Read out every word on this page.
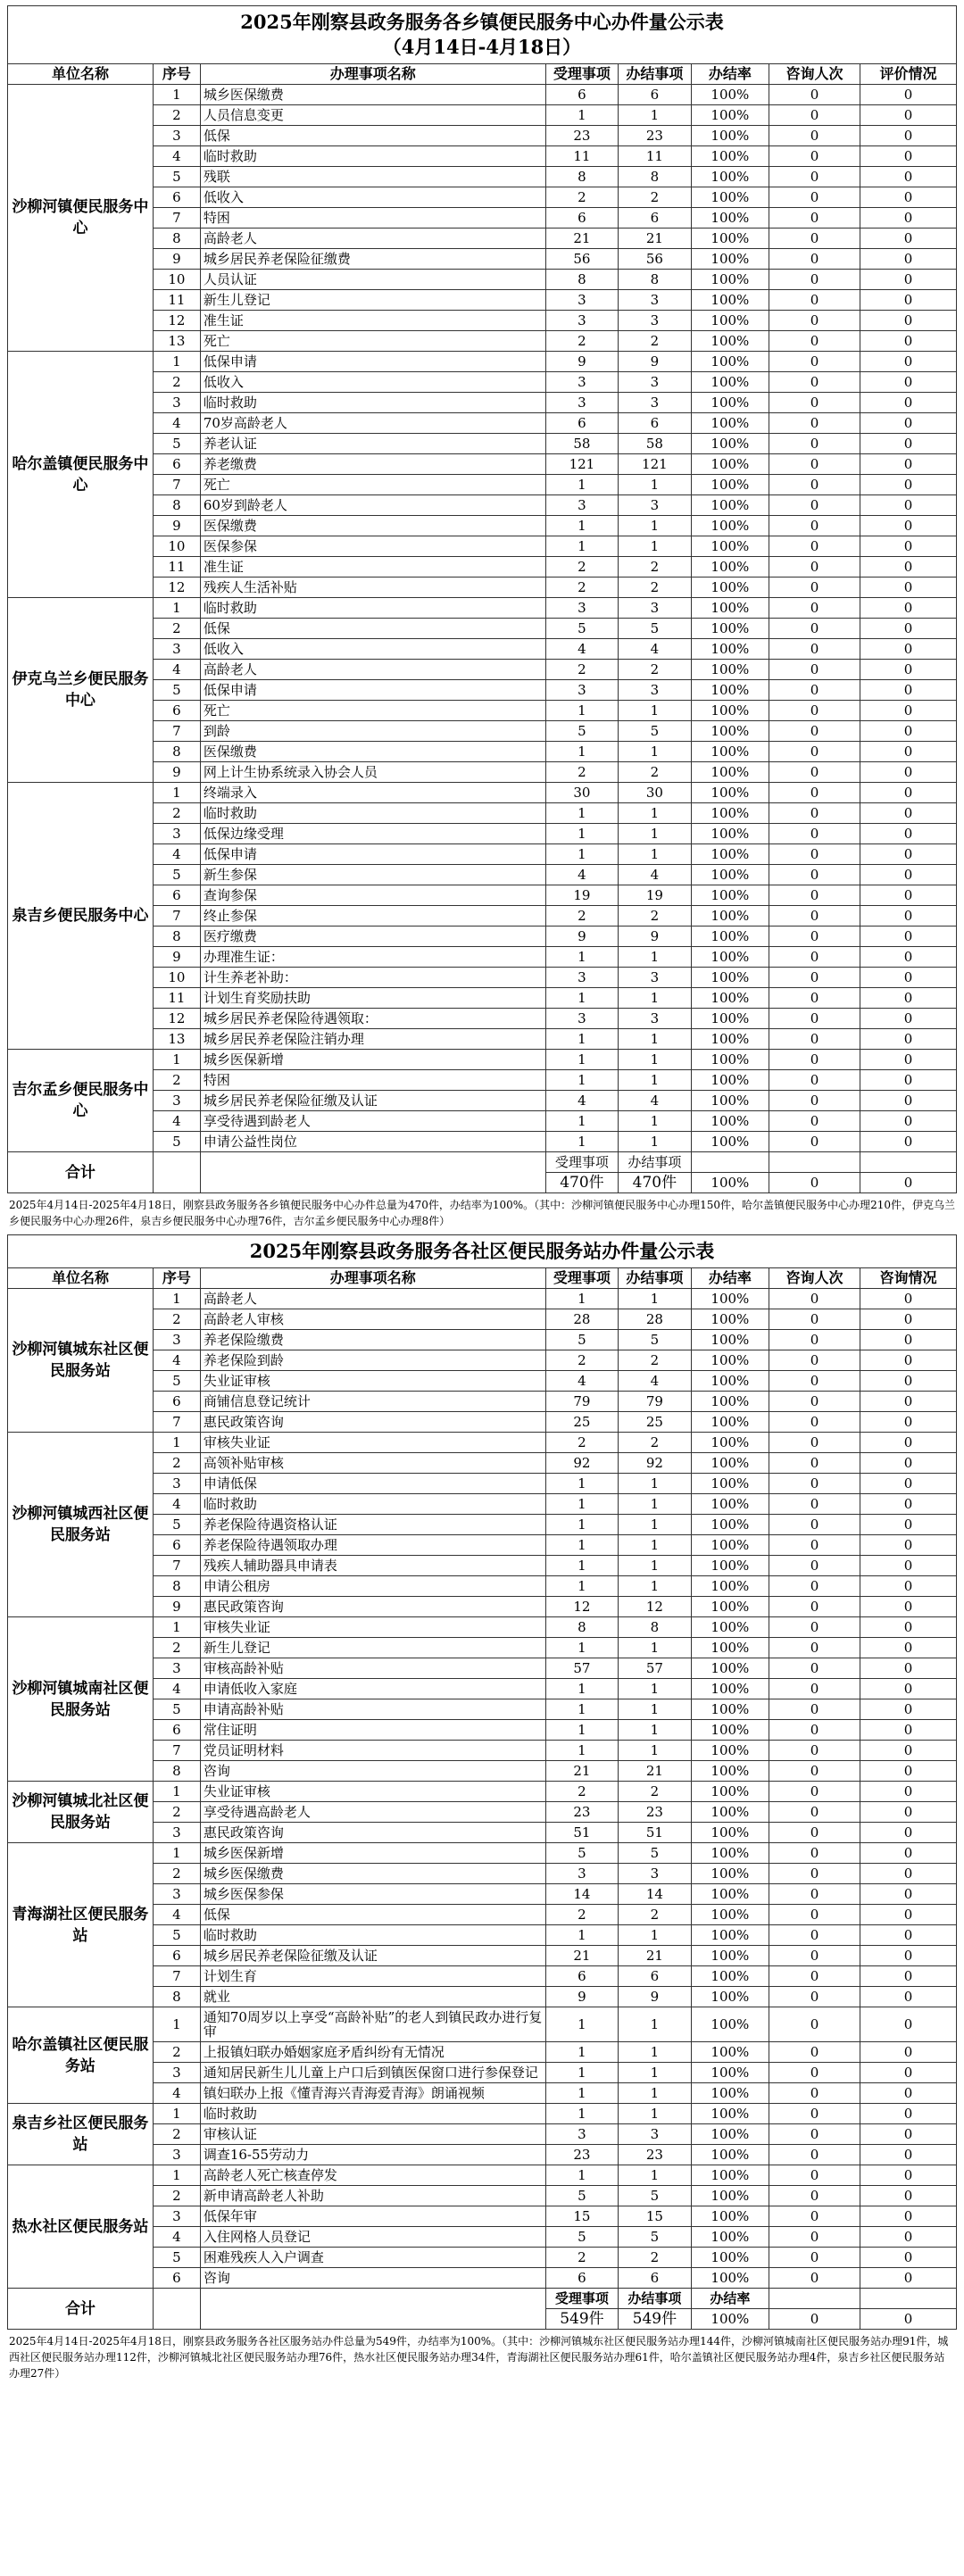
2025年刚察县政务服务各乡镇便民服务中心办件量公示表
（4月14日-4月18日）							

单位名称	序号	办理事项名称	受理事项	办结事项	办结率	咨询人次	评价情况
沙柳河镇便民服务中心	1	城乡医保缴费	6	6	100%	0	0
	2	人员信息变更	1	1	100%	0	0
	3	低保	23	23	100%	0	0
	4	临时救助	11	11	100%	0	0
	5	残联	8	8	100%	0	0
	6	低收入	2	2	100%	0	0
	7	特困	6	6	100%	0	0
	8	高龄老人	21	21	100%	0	0
	9	城乡居民养老保险征缴费	56	56	100%	0	0
	10	人员认证	8	8	100%	0	0
	11	新生儿登记	3	3	100%	0	0
	12	准生证	3	3	100%	0	0
	13	死亡	2	2	100%	0	0
哈尔盖镇便民服务中心	1	低保申请	9	9	100%	0	0
	2	低收入	3	3	100%	0	0
	3	临时救助	3	3	100%	0	0
	4	70岁高龄老人	6	6	100%	0	0
	5	养老认证	58	58	100%	0	0
	6	养老缴费	121	121	100%	0	0
	7	死亡	1	1	100%	0	0
	8	60岁到龄老人	3	3	100%	0	0
	9	医保缴费	1	1	100%	0	0
	10	医保参保	1	1	100%	0	0
	11	准生证	2	2	100%	0	0
	12	残疾人生活补贴	2	2	100%	0	0
伊克乌兰乡便民服务中心	1	临时救助	3	3	100%	0	0
	2	低保	5	5	100%	0	0
	3	低收入	4	4	100%	0	0
	4	高龄老人	2	2	100%	0	0
	5	低保申请	3	3	100%	0	0
	6	死亡	1	1	100%	0	0
	7	到龄	5	5	100%	0	0
	8	医保缴费	1	1	100%	0	0
	9	网上计生协系统录入协会人员	2	2	100%	0	0
泉吉乡便民服务中心	1	终端录入	30	30	100%	0	0
	2	临时救助	1	1	100%	0	0
	3	低保边缘受理	1	1	100%	0	0
	4	低保申请	1	1	100%	0	0
	5	新生参保	4	4	100%	0	0
	6	查询参保	19	19	100%	0	0
	7	终止参保	2	2	100%	0	0
	8	医疗缴费	9	9	100%	0	0
	9	办理准生证：	1	1	100%	0	0
	10	计生养老补助：	3	3	100%	0	0
	11	计划生育奖励扶助	1	1	100%	0	0
	12	城乡居民养老保险待遇领取：	3	3	100%	0	0
	13	城乡居民养老保险注销办理	1	1	100%	0	0
吉尔孟乡便民服务中心	1	城乡医保新增	1	1	100%	0	0
	2	特困	1	1	100%	0	0
	3	城乡居民养老保险征缴及认证	4	4	100%	0	0
	4	享受待遇到龄老人	1	1	100%	0	0
	5	申请公益性岗位	1	1	100%	0	0
合计			受理事项	办结事项			
			470件	470件	100%	0	0
2025年4月14日-2025年4月18日，刚察县政务服务各乡镇便民服务中心办件总量为470件，办结率为100%。（其中：沙柳河镇便民服务中心办理150件，哈尔盖镇便民服务中心办理210件，伊克乌兰乡便民服务中心办理26件，泉吉乡便民服务中心办理76件，吉尔孟乡便民服务中心办理8件）
2025年刚察县政务服务各社区便民服务站办件量公示表							

单位名称	序号	办理事项名称	受理事项	办结事项	办结率	咨询人次	咨询情况
沙柳河镇城东社区便民服务站	1	高龄老人	1	1	100%	0	0
	2	高龄老人审核	28	28	100%	0	0
	3	养老保险缴费	5	5	100%	0	0
	4	养老保险到龄	2	2	100%	0	0
	5	失业证审核	4	4	100%	0	0
	6	商铺信息登记统计	79	79	100%	0	0
	7	惠民政策咨询	25	25	100%	0	0
沙柳河镇城西社区便民服务站	1	审核失业证	2	2	100%	0	0
	2	高领补贴审核	92	92	100%	0	0
	3	申请低保	1	1	100%	0	0
	4	临时救助	1	1	100%	0	0
	5	养老保险待遇资格认证	1	1	100%	0	0
	6	养老保险待遇领取办理	1	1	100%	0	0
	7	残疾人辅助器具申请表	1	1	100%	0	0
	8	申请公租房	1	1	100%	0	0
	9	惠民政策咨询	12	12	100%	0	0
沙柳河镇城南社区便民服务站	1	审核失业证	8	8	100%	0	0
	2	新生儿登记	1	1	100%	0	0
	3	审核高龄补贴	57	57	100%	0	0
	4	申请低收入家庭	1	1	100%	0	0
	5	申请高龄补贴	1	1	100%	0	0
	6	常住证明	1	1	100%	0	0
	7	党员证明材料	1	1	100%	0	0
	8	咨询	21	21	100%	0	0
沙柳河镇城北社区便民服务站	1	失业证审核	2	2	100%	0	0
	2	享受待遇高龄老人	23	23	100%	0	0
	3	惠民政策咨询	51	51	100%	0	0
青海湖社区便民服务站	1	城乡医保新增	5	5	100%	0	0
	2	城乡医保缴费	3	3	100%	0	0
	3	城乡医保参保	14	14	100%	0	0
	4	低保	2	2	100%	0	0
	5	临时救助	1	1	100%	0	0
	6	城乡居民养老保险征缴及认证	21	21	100%	0	0
	7	计划生育	6	6	100%	0	0
	8	就业	9	9	100%	0	0
哈尔盖镇社区便民服务站	1	通知70周岁以上享受“高龄补贴”的老人到镇民政办进行复审	1	1	100%	0	0
	2	上报镇妇联办婚姻家庭矛盾纠纷有无情况	1	1	100%	0	0
	3	通知居民新生儿儿童上户口后到镇医保窗口进行参保登记	1	1	100%	0	0
	4	镇妇联办上报《懂青海兴青海爱青海》朗诵视频	1	1	100%	0	0
泉吉乡社区便民服务站	1	临时救助	1	1	100%	0	0
	2	审核认证	3	3	100%	0	0
	3	调查16-55劳动力	23	23	100%	0	0
热水社区便民服务站	1	高龄老人死亡核查停发	1	1	100%	0	0
	2	新申请高龄老人补助	5	5	100%	0	0
	3	低保年审	15	15	100%	0	0
	4	入住网格人员登记	5	5	100%	0	0
	5	困难残疾人入户调查	2	2	100%	0	0
	6	咨询	6	6	100%	0	0
合计			受理事项	办结事项	办结率		
			549件	549件	100%	0	0
2025年4月14日-2025年4月18日，刚察县政务服务各社区服务站办件总量为549件，办结率为100%。（其中：沙柳河镇城东社区便民服务站办理144件，沙柳河镇城南社区便民服务站办理91件，城西社区便民服务站办理112件，沙柳河镇城北社区便民服务站办理76件，热水社区便民服务站办理34件，青海湖社区便民服务站办理61件，哈尔盖镇社区便民服务站办理4件，泉吉乡社区便民服务站办理27件）
